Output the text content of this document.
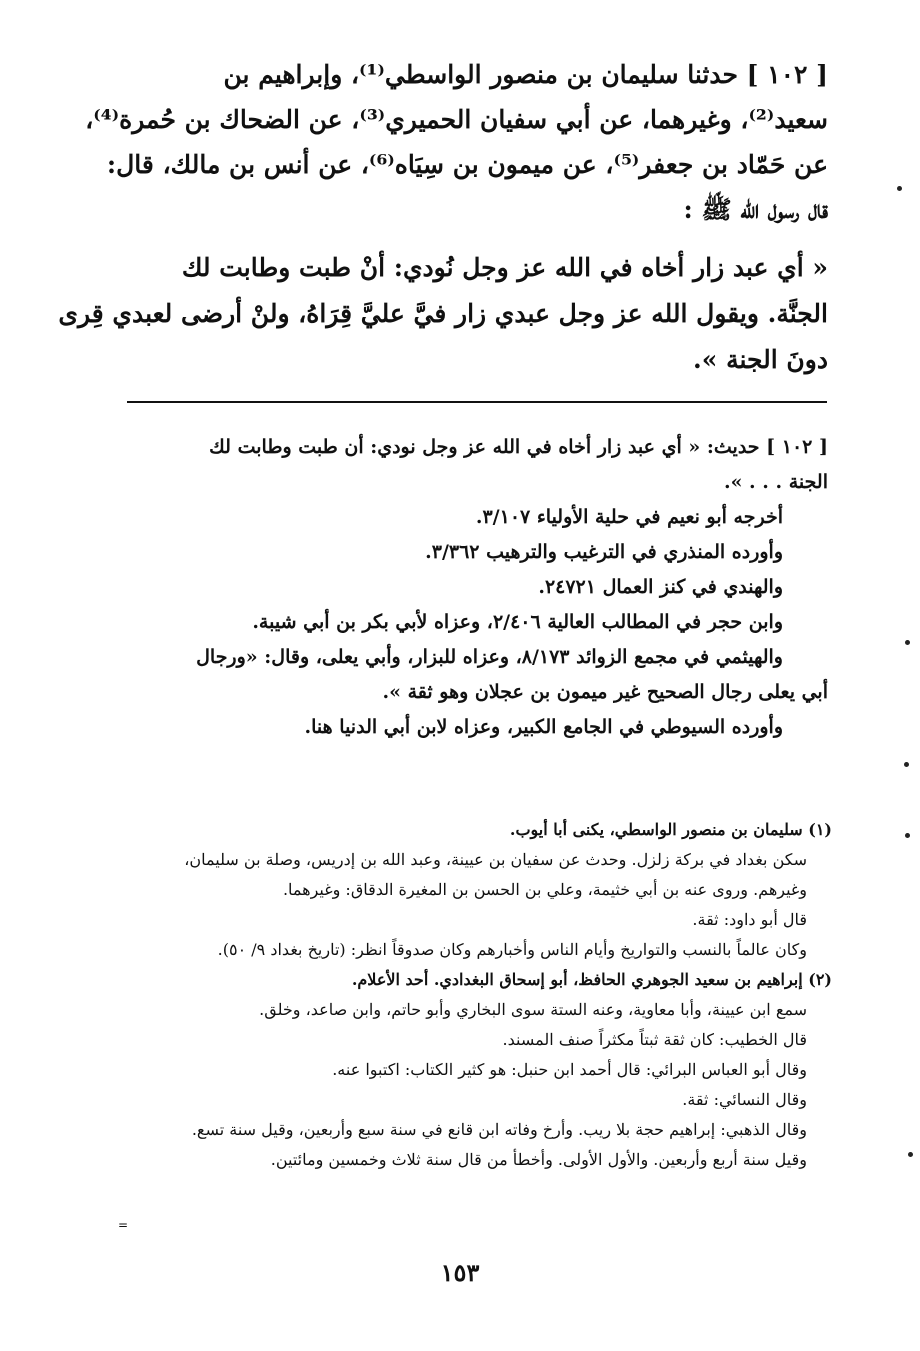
[ ١٠٢ ] حدثنا سليمان بن منصور الواسطي⁽¹⁾، وإبراهيم بن
سعيد⁽²⁾، وغيرهما، عن أبي سفيان الحميري⁽³⁾، عن الضحاك بن حُمرة⁽⁴⁾،
عن حَمّاد بن جعفر⁽⁵⁾، عن ميمون بن سِيَاه⁽⁶⁾، عن أنس بن مالك، قال:
قال رسول الله ﷺ :
« أي عبد زار أخاه في الله عز وجل نُودي: أنْ طبت وطابت لك
الجنَّة. ويقول الله عز وجل عبدي زار فيَّ عليَّ قِرَاهُ، ولنْ أرضى لعبدي قِرى
دونَ الجنة ».
[ ١٠٢ ] حديث: « أي عبد زار أخاه في الله عز وجل نودي: أن طبت وطابت لك
الجنة . . . ».
أخرجه أبو نعيم في حلية الأولياء ٣/١٠٧.
وأورده المنذري في الترغيب والترهيب ٣/٣٦٢.
والهندي في كنز العمال ٢٤٧٢١.
وابن حجر في المطالب العالية ٢/٤٠٦، وعزاه لأبي بكر بن أبي شيبة.
والهيثمي في مجمع الزوائد ٨/١٧٣، وعزاه للبزار، وأبي يعلى، وقال: «ورجال
أبي يعلى رجال الصحيح غير ميمون بن عجلان وهو ثقة ».
وأورده السيوطي في الجامع الكبير، وعزاه لابن أبي الدنيا هنا.
(١) سليمان بن منصور الواسطي، يكنى أبا أيوب.
سكن بغداد في بركة زلزل. وحدث عن سفيان بن عيينة، وعبد الله بن إدريس، وصلة بن سليمان،
وغيرهم. وروى عنه بن أبي خثيمة، وعلي بن الحسن بن المغيرة الدقاق: وغيرهما.
قال أبو داود: ثقة.
وكان عالماً بالنسب والتواريخ وأيام الناس وأخبارهم وكان صدوقاً انظر: (تاريخ بغداد ٩/ ٥٠).
(٢) إبراهيم بن سعيد الجوهري الحافظ، أبو إسحاق البغدادي. أحد الأعلام.
سمع ابن عيينة، وأبا معاوية، وعنه الستة سوى البخاري وأبو حاتم، وابن صاعد، وخلق.
قال الخطيب: كان ثقة ثبتاً مكثراً صنف المسند.
وقال أبو العباس البرائي: قال أحمد ابن حنبل: هو كثير الكتاب: اكتبوا عنه.
وقال النسائي: ثقة.
وقال الذهبي: إبراهيم حجة بلا ريب. وأرخ وفاته ابن قانع في سنة سبع وأربعين، وقيل سنة تسع.
وقيل سنة أربع وأربعين. والأول الأولى. وأخطأ من قال سنة ثلاث وخمسين ومائتين.
١٥٣
=
